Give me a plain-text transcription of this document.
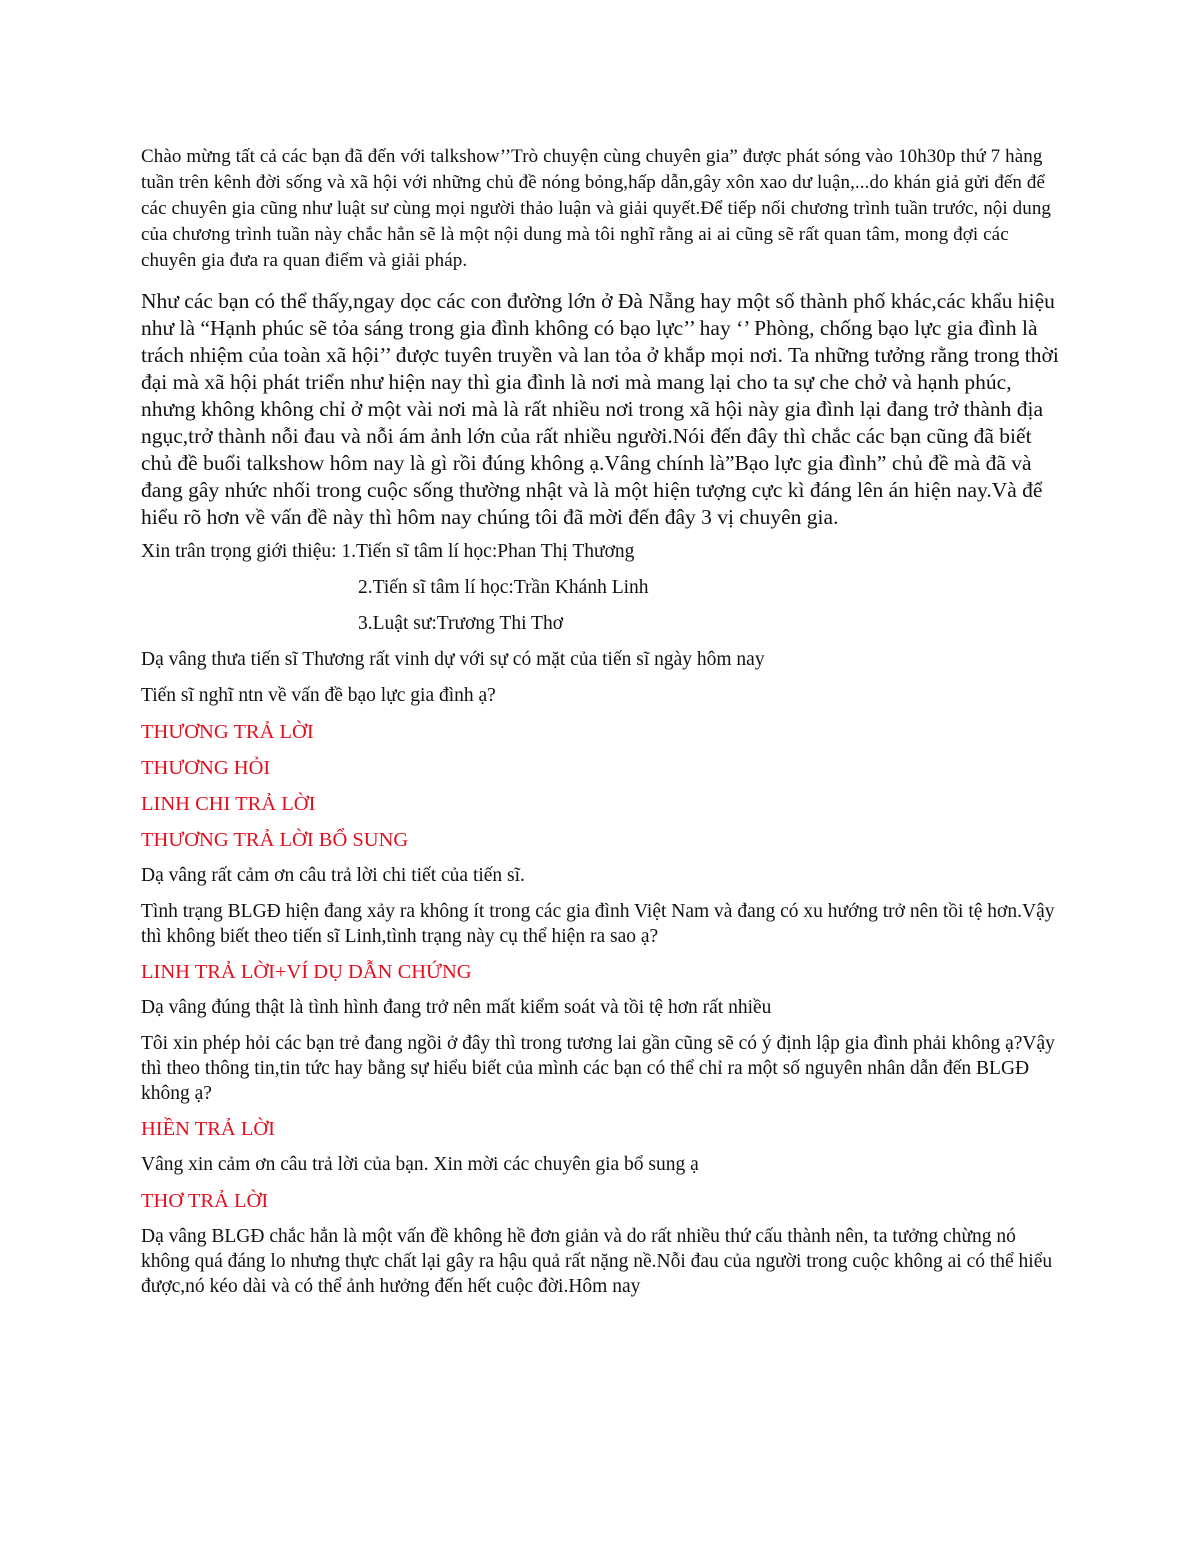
Chào mừng tất cả các bạn đã đến với talkshow’’Trò chuyện cùng chuyên gia” được phát sóng vào 10h30p thứ 7 hàng tuần trên kênh đời sống và xã hội với những chủ đề nóng bỏng,hấp dẫn,gây xôn xao dư luận,...do khán giả gửi đến để các chuyên gia cũng như luật sư cùng mọi người thảo luận và giải quyết.Để tiếp nối chương trình tuần trước, nội dung của chương trình tuần này chắc hẳn sẽ là một nội dung mà tôi nghĩ rằng ai ai cũng sẽ rất quan tâm, mong đợi các chuyên gia đưa ra quan điểm và giải pháp.

Như các bạn có thể thấy,ngay dọc các con đường lớn ở Đà Nẵng hay một số thành phố khác,các khẩu hiệu như là “Hạnh phúc sẽ tỏa sáng trong gia đình không có bạo lực’’ hay ‘’ Phòng, chống bạo lực gia đình là trách nhiệm của toàn xã hội’’ được tuyên truyền và lan tỏa ở khắp mọi nơi. Ta những tưởng rằng trong thời đại mà xã hội phát triển như hiện nay thì gia đình là nơi mà mang lại cho ta sự che chở và hạnh phúc, nhưng không không chỉ ở một vài nơi mà là rất nhiều nơi trong xã hội này gia đình lại đang trở thành địa ngục,trở thành nỗi đau và nỗi ám ảnh lớn của rất nhiều người.Nói đến đây thì chắc các bạn cũng đã biết chủ đề buổi talkshow hôm nay là gì rồi đúng không ạ.Vâng chính là”Bạo lực gia đình” chủ đề mà đã và đang gây nhức nhối trong cuộc sống thường nhật và là một hiện tượng cực kì đáng lên án hiện nay.Và để hiểu rõ hơn về vấn đề này thì hôm nay chúng tôi đã mời đến đây 3 vị chuyên gia.

Xin trân trọng giới thiệu: 1.Tiến sĩ tâm lí học:Phan Thị Thương

2.Tiến sĩ tâm lí học:Trần Khánh Linh

3.Luật sư:Trương Thi Thơ

Dạ vâng thưa tiến sĩ Thương rất vinh dự với sự có mặt của tiến sĩ ngày hôm nay

Tiến sĩ nghĩ ntn về vấn đề bạo lực gia đình ạ?

THƯƠNG TRẢ LỜI

THƯƠNG HỎI

LINH CHI TRẢ LỜI

THƯƠNG TRẢ LỜI BỔ SUNG

Dạ vâng rất cảm ơn câu trả lời chi tiết của tiến sĩ.

Tình trạng BLGĐ hiện đang xảy ra không ít trong các gia đình Việt Nam và đang có xu hướng trở nên tồi tệ hơn.Vậy thì không biết theo tiến sĩ Linh,tình trạng này cụ thể hiện ra sao ạ?

LINH TRẢ LỜI+VÍ DỤ DẪN CHỨNG

Dạ vâng đúng thật là tình hình đang trở nên mất kiểm soát và tồi tệ hơn rất nhiều

Tôi xin phép hỏi các bạn trẻ đang ngồi ở đây thì trong tương lai gần cũng sẽ có ý định lập gia đình phải không ạ?Vậy thì theo thông tin,tin tức hay bằng sự hiểu biết của mình các bạn có thể chỉ ra một số nguyên nhân dẫn đến BLGĐ không ạ?

HIỀN TRẢ LỜI

Vâng xin cảm ơn câu trả lời của bạn. Xin mời các chuyên gia bổ sung ạ

THƠ TRẢ LỜI

Dạ vâng BLGĐ chắc hẳn là một vấn đề không hề đơn giản và do rất nhiều thứ cấu thành nên, ta tưởng chừng nó không quá đáng lo nhưng thực chất lại gây ra hậu quả rất nặng nề.Nỗi đau của người trong cuộc không ai có thể hiểu được,nó kéo dài và có thể ảnh hưởng đến hết cuộc đời.Hôm nay
